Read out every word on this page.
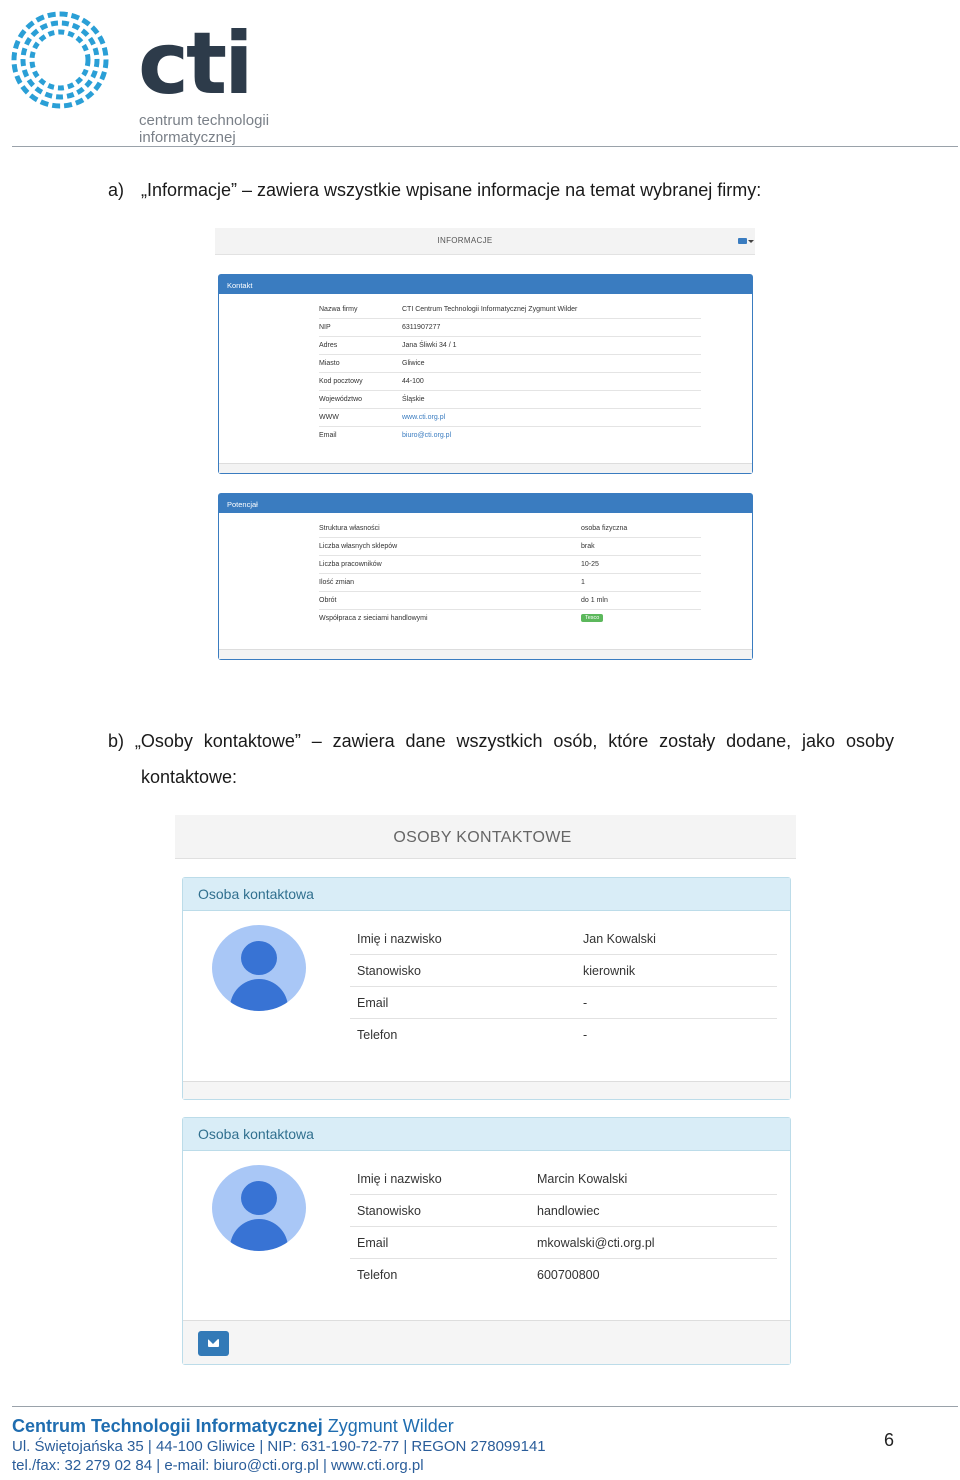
cti
centrum technologii
informatycznej
a) „Informacje” – zawiera wszystkie wpisane informacje na temat wybranej firmy:
INFORMACJE
Kontakt
Nazwa firmy	CTI Centrum Technologii Informatycznej Zygmunt Wilder
NIP	6311907277
Adres	Jana Śliwki 34 / 1
Miasto	Gliwice
Kod pocztowy	44-100
Województwo	Śląskie
WWW	www.cti.org.pl
Email	biuro@cti.org.pl
Potencjał
Struktura własności	osoba fizyczna
Liczba własnych sklepów	brak
Liczba pracowników	10-25
Ilość zmian	1
Obrót	do 1 mln
Współpraca z sieciami handlowymi	Tesco
b) „Osoby kontaktowe” – zawiera dane wszystkich osób, które zostały dodane, jako osoby
kontaktowe:
OSOBY KONTAKTOWE
Osoba kontaktowa
Imię i nazwisko	Jan Kowalski
Stanowisko	kierownik
Email	-
Telefon	-
Osoba kontaktowa
Imię i nazwisko	Marcin Kowalski
Stanowisko	handlowiec
Email	mkowalski@cti.org.pl
Telefon	600700800
Centrum Technologii Informatycznej Zygmunt Wilder
Ul. Świętojańska 35 | 44-100 Gliwice | NIP: 631-190-72-77 | REGON 278099141
tel./fax: 32 279 02 84 | e-mail: biuro@cti.org.pl | www.cti.org.pl
6
